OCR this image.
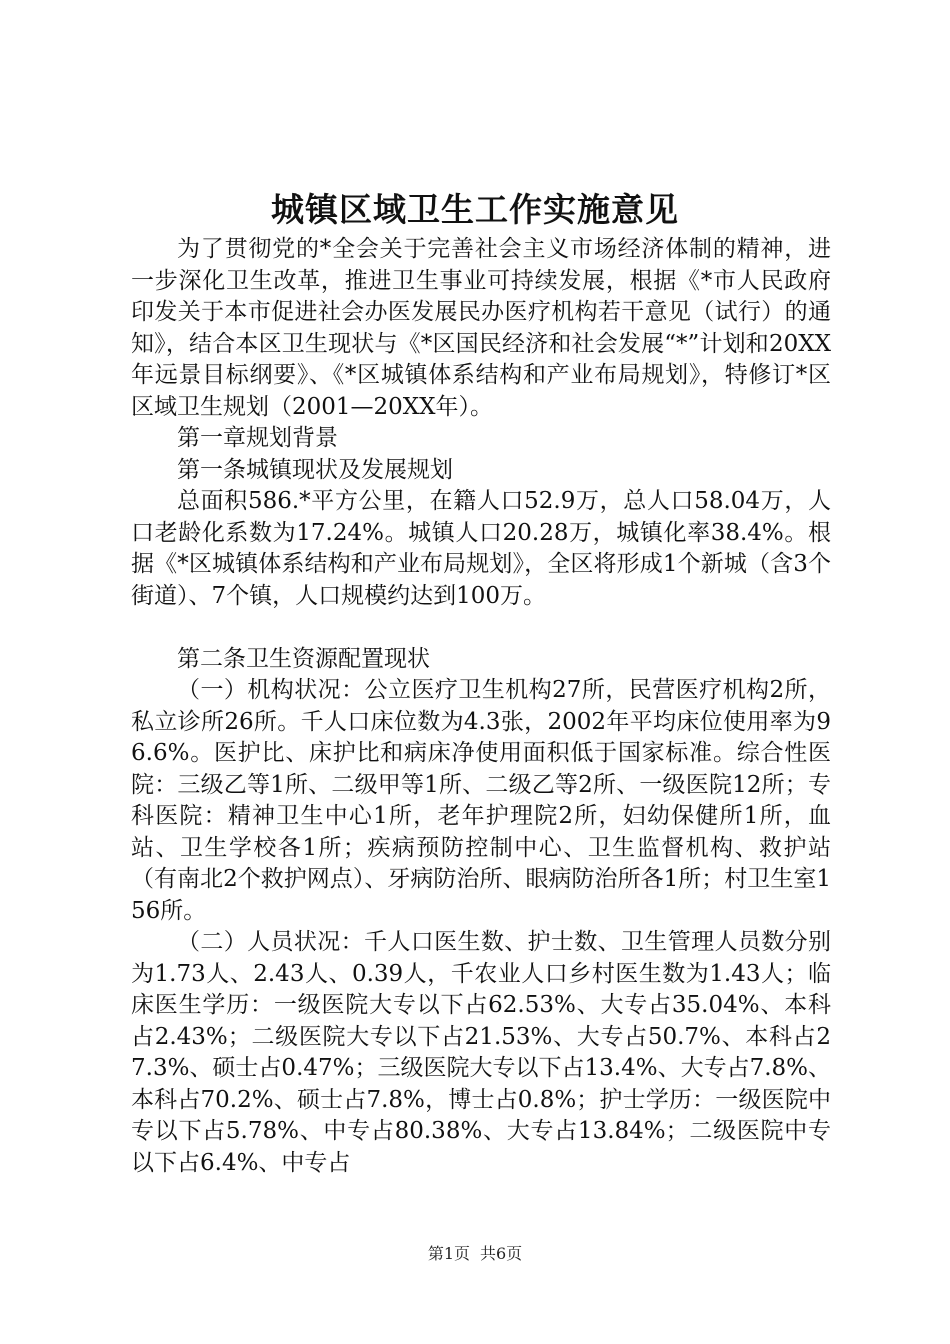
城镇区域卫生工作实施意见

为了贯彻党的*全会关于完善社会主义市场经济体制的精神，进一步深化卫生改革，推进卫生事业可持续发展，根据《*市人民政府印发关于本市促进社会办医发展民办医疗机构若干意见（试行）的通知》，结合本区卫生现状与《*区国民经济和社会发展“*”计划和20XX年远景目标纲要》、《*区城镇体系结构和产业布局规划》，特修订*区区域卫生规划（2001—20XX年）。

第一章规划背景

第一条城镇现状及发展规划

总面积586.*平方公里，在籍人口52.9万，总人口58.04万，人口老龄化系数为17.24%。城镇人口20.28万，城镇化率38.4%。根据《*区城镇体系结构和产业布局规划》，全区将形成1个新城（含3个街道）、7个镇，人口规模约达到100万。

第二条卫生资源配置现状

（一）机构状况：公立医疗卫生机构27所，民营医疗机构2所，私立诊所26所。千人口床位数为4.3张，2002年平均床位使用率为96.6%。医护比、床护比和病床净使用面积低于国家标准。综合性医院：三级乙等1所、二级甲等1所、二级乙等2所、一级医院12所；专科医院：精神卫生中心1所，老年护理院2所，妇幼保健所1所，血站、卫生学校各1所；疾病预防控制中心、卫生监督机构、救护站（有南北2个救护网点）、牙病防治所、眼病防治所各1所；村卫生室156所。

（二）人员状况：千人口医生数、护士数、卫生管理人员数分别为1.73人、2.43人、0.39人，千农业人口乡村医生数为1.43人；临床医生学历：一级医院大专以下占62.53%、大专占35.04%、本科占2.43%；二级医院大专以下占21.53%、大专占50.7%、本科占27.3%、硕士占0.47%；三级医院大专以下占13.4%、大专占7.8%、本科占70.2%、硕士占7.8%，博士占0.8%；护士学历：一级医院中专以下占5.78%、中专占80.38%、大专占13.84%；二级医院中专以下占6.4%、中专占

第1页 共6页
